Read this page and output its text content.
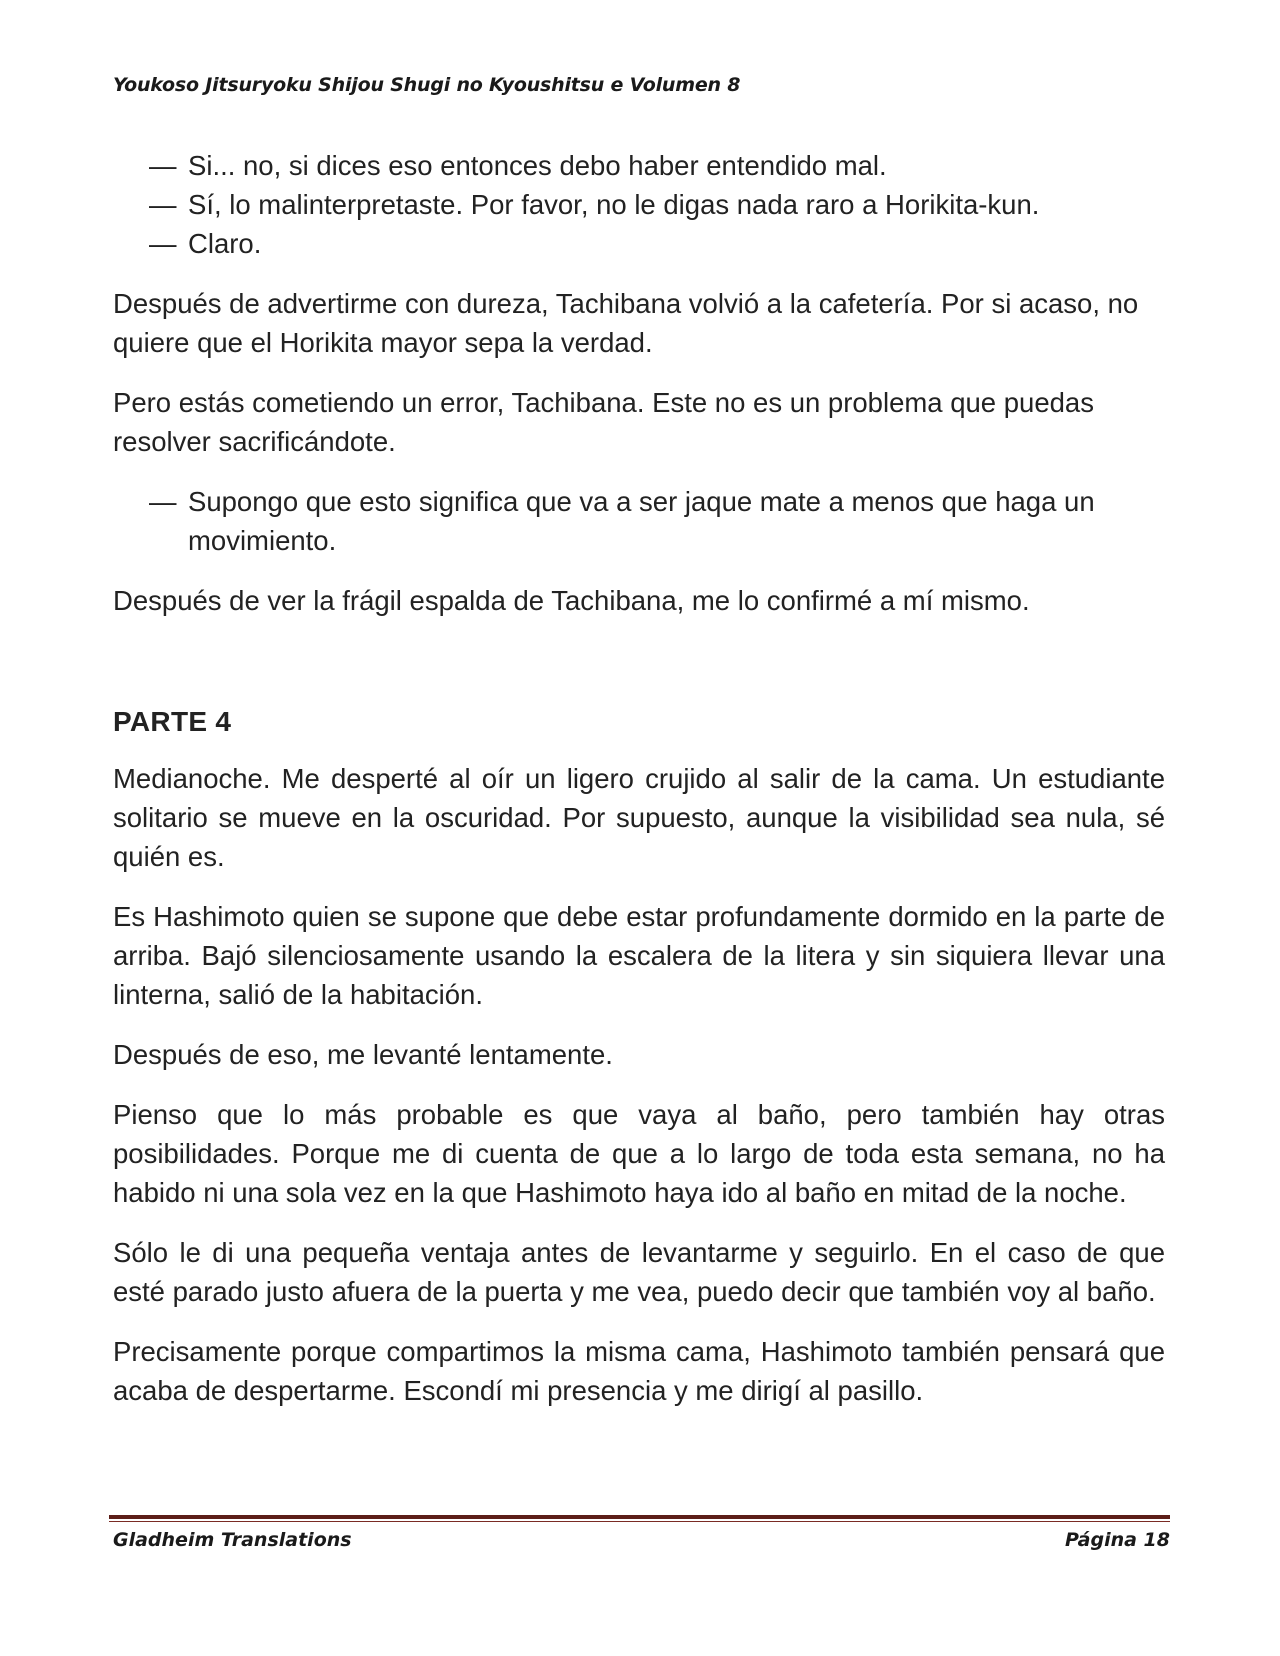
Youkoso Jitsuryoku Shijou Shugi no Kyoushitsu e Volumen 8

— Si... no, si dices eso entonces debo haber entendido mal.

— Sí, lo malinterpretaste. Por favor, no le digas nada raro a Horikita-kun.

— Claro.

Después de advertirme con dureza, Tachibana volvió a la cafetería. Por si acaso, no quiere que el Horikita mayor sepa la verdad.

Pero estás cometiendo un error, Tachibana. Este no es un problema que puedas resolver sacrificándote.

— Supongo que esto significa que va a ser jaque mate a menos que haga un movimiento.

Después de ver la frágil espalda de Tachibana, me lo confirmé a mí mismo.

PARTE 4

Medianoche. Me desperté al oír un ligero crujido al salir de la cama. Un estudiante solitario se mueve en la oscuridad. Por supuesto, aunque la visibilidad sea nula, sé quién es.

Es Hashimoto quien se supone que debe estar profundamente dormido en la parte de arriba. Bajó silenciosamente usando la escalera de la litera y sin siquiera llevar una linterna, salió de la habitación.

Después de eso, me levanté lentamente.

Pienso que lo más probable es que vaya al baño, pero también hay otras posibilidades. Porque me di cuenta de que a lo largo de toda esta semana, no ha habido ni una sola vez en la que Hashimoto haya ido al baño en mitad de la noche.

Sólo le di una pequeña ventaja antes de levantarme y seguirlo. En el caso de que esté parado justo afuera de la puerta y me vea, puedo decir que también voy al baño.

Precisamente porque compartimos la misma cama, Hashimoto también pensará que acaba de despertarme. Escondí mi presencia y me dirigí al pasillo.

Gladheim Translations	Página 18
